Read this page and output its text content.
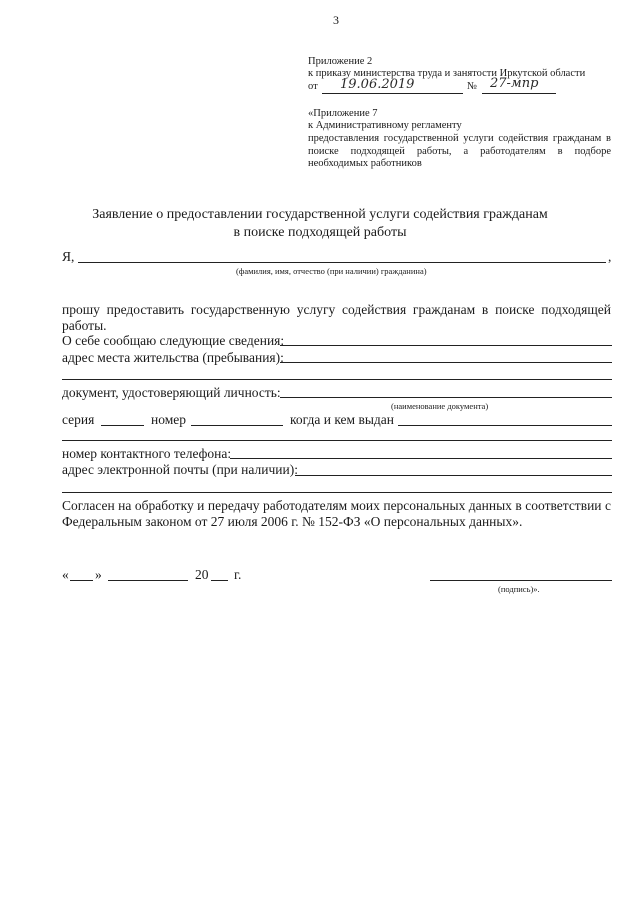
3
Приложение 2
к приказу министерства труда и занятости Иркутской области
от 19.06.2019	№ 27-мпр
«Приложение 7
к Административному регламенту
предоставления государственной услуги содействия гражданам в
поиске подходящей работы, а работодателям в подборе
необходимых работников
Заявление о предоставлении государственной услуги содействия гражданам
в поиске подходящей работы
Я,	,
(фамилия, имя, отчество (при наличии) гражданина)
прошу предоставить государственную услугу содействия гражданам в поиске подходящей
работы.
О себе сообщаю следующие сведения:
адрес места жительства (пребывания):
документ, удостоверяющий личность:
(наименование документа)
серия	номер	когда и кем выдан
номер контактного телефона:
адрес электронной почты (при наличии):
Согласен на обработку и передачу работодателям моих персональных данных в соответствии с
Федеральным законом от 27 июля 2006 г. № 152-ФЗ «О персональных данных».
« »	20 г.
(подпись)».
